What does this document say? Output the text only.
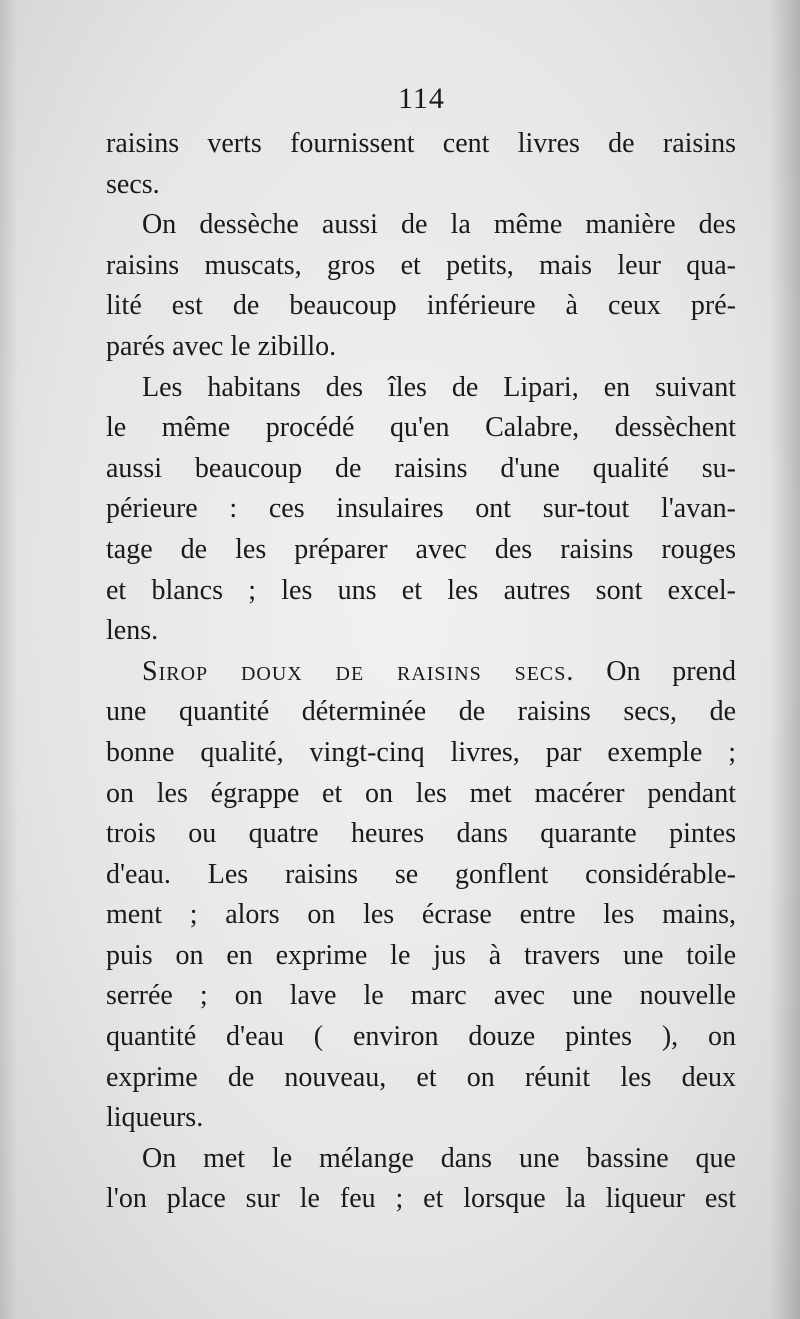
114
raisins verts fournissent cent livres de raisins
secs.
On dessèche aussi de la même manière des
raisins muscats, gros et petits, mais leur qua-
lité est de beaucoup inférieure à ceux pré-
parés avec le zibillo.
Les habitans des îles de Lipari, en suivant
le même procédé qu'en Calabre, dessèchent
aussi beaucoup de raisins d'une qualité su-
périeure : ces insulaires ont sur-tout l'avan-
tage de les préparer avec des raisins rouges
et blancs ; les uns et les autres sont excel-
lens.
Sirop doux de raisins secs. On prend
une quantité déterminée de raisins secs, de
bonne qualité, vingt-cinq livres, par exemple ;
on les égrappe et on les met macérer pendant
trois ou quatre heures dans quarante pintes
d'eau. Les raisins se gonflent considérable-
ment ; alors on les écrase entre les mains,
puis on en exprime le jus à travers une toile
serrée ; on lave le marc avec une nouvelle
quantité d'eau ( environ douze pintes ), on
exprime de nouveau, et on réunit les deux
liqueurs.
On met le mélange dans une bassine que
l'on place sur le feu ; et lorsque la liqueur est
